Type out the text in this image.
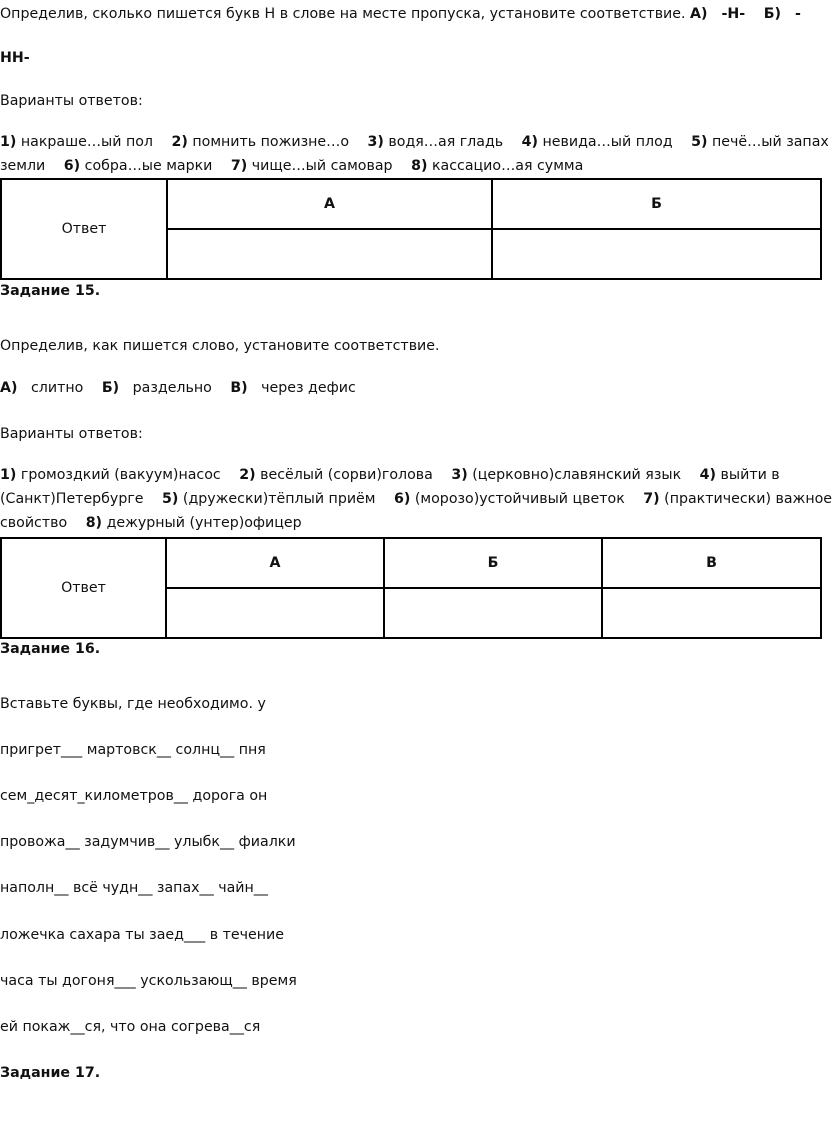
Определив, сколько пишется букв Н в слове на месте пропуска, установите соответствие. А) -Н- Б) -

НН-

Варианты ответов:

1) накраше…ый пол 2) помнить пожизне…о 3) водя…ая гладь 4) невида…ый плод 5) печё…ый запах

земли 6) собра…ые марки 7) чище…ый самовар 8) кассацио…ая сумма

Ответ	А	Б

Задание 15.

Определив, как пишется слово, установите соответствие.

А) слитно Б) раздельно В) через дефис

Варианты ответов:

1) громоздкий (вакуум)насос 2) весёлый (сорви)голова 3) (церковно)славянский язык 4) выйти в

(Санкт)Петербурге 5) (дружески)тёплый приём 6) (морозо)устойчивый цветок 7) (практически) важное

свойство 8) дежурный (унтер)офицер

Ответ	А	Б	В

Задание 16.

Вставьте буквы, где необходимо. у

пригрет___ мартовск__ солнц__ пня

сем_десят_километров__ дорога он

провожа__ задумчив__ улыбк__ фиалки

наполн__ всё чудн__ запах__ чайн__

ложечка сахара ты заед___ в течение

часа ты догоня___ ускользающ__ время

ей покаж__ся, что она согрева__ся

Задание 17.
